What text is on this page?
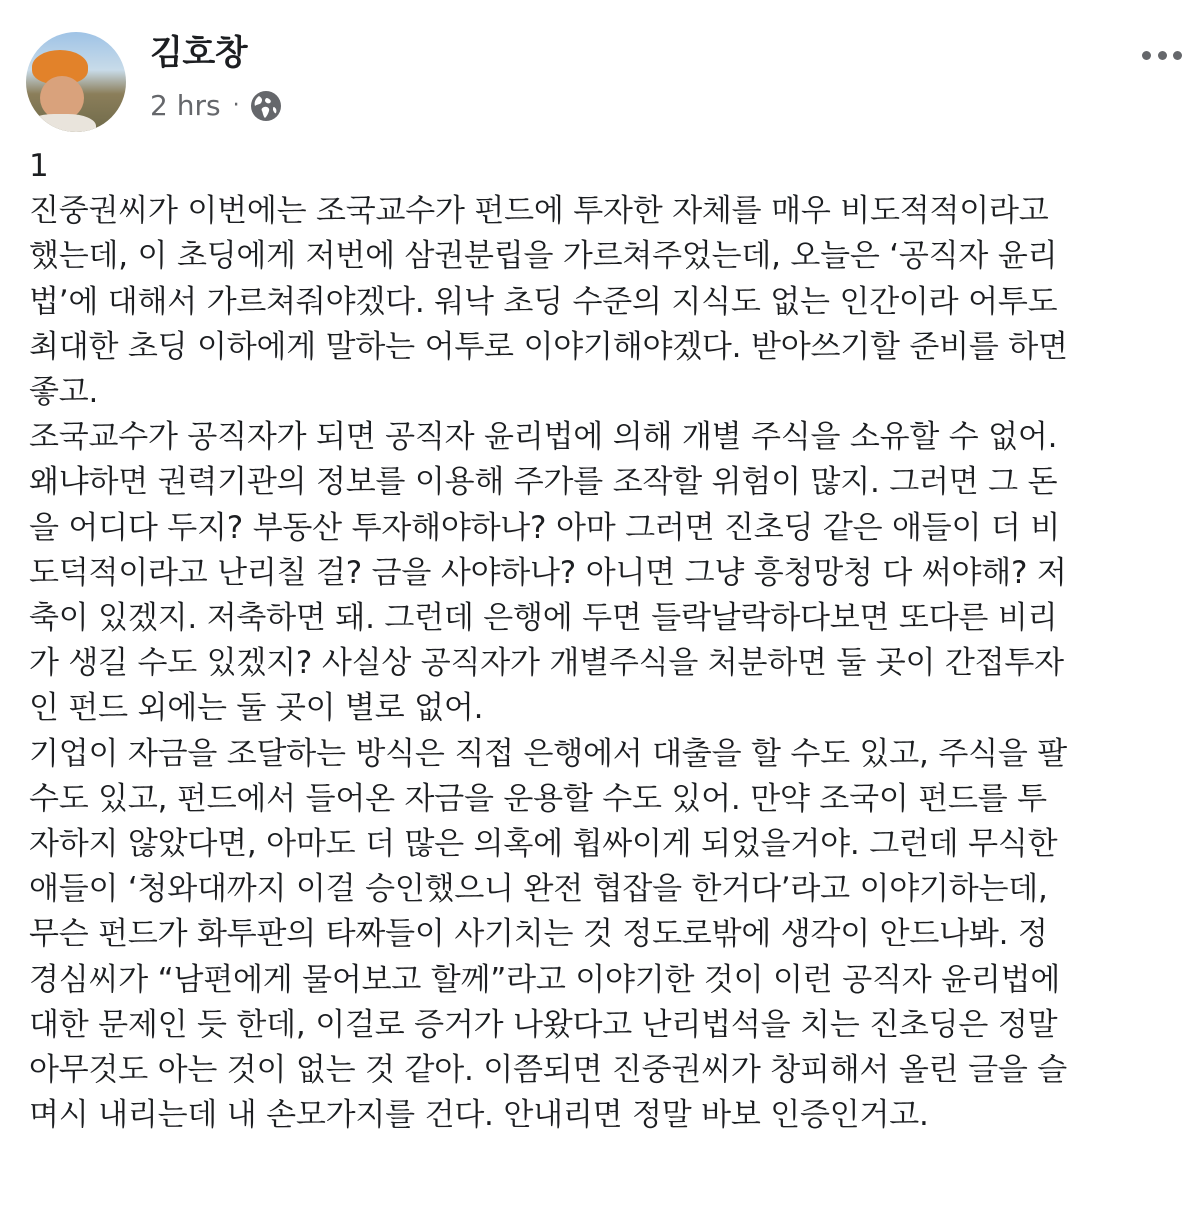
김호창
2 hrs ·

1

진중권씨가 이번에는 조국교수가 펀드에 투자한 자체를 매우 비도적적이라고
했는데, 이 초딩에게 저번에 삼권분립을 가르쳐주었는데, 오늘은 ‘공직자 윤리
법’에 대해서 가르쳐줘야겠다. 워낙 초딩 수준의 지식도 없는 인간이라 어투도
최대한 초딩 이하에게 말하는 어투로 이야기해야겠다. 받아쓰기할 준비를 하면
좋고.

조국교수가 공직자가 되면 공직자 윤리법에 의해 개별 주식을 소유할 수 없어.
왜냐하면 권력기관의 정보를 이용해 주가를 조작할 위험이 많지. 그러면 그 돈
을 어디다 두지? 부동산 투자해야하나? 아마 그러면 진초딩 같은 애들이 더 비
도덕적이라고 난리칠 걸? 금을 사야하나? 아니면 그냥 흥청망청 다 써야해? 저
축이 있겠지. 저축하면 돼. 그런데 은행에 두면 들락날락하다보면 또다른 비리
가 생길 수도 있겠지? 사실상 공직자가 개별주식을 처분하면 둘 곳이 간접투자
인 펀드 외에는 둘 곳이 별로 없어.

기업이 자금을 조달하는 방식은 직접 은행에서 대출을 할 수도 있고, 주식을 팔
수도 있고, 펀드에서 들어온 자금을 운용할 수도 있어. 만약 조국이 펀드를 투
자하지 않았다면, 아마도 더 많은 의혹에 휩싸이게 되었을거야. 그런데 무식한
애들이 ‘청와대까지 이걸 승인했으니 완전 협잡을 한거다’라고 이야기하는데,
무슨 펀드가 화투판의 타짜들이 사기치는 것 정도로밖에 생각이 안드나봐. 정
경심씨가 “남편에게 물어보고 할께”라고 이야기한 것이 이런 공직자 윤리법에
대한 문제인 듯 한데, 이걸로 증거가 나왔다고 난리법석을 치는 진초딩은 정말
아무것도 아는 것이 없는 것 같아. 이쯤되면 진중권씨가 창피해서 올린 글을 슬
며시 내리는데 내 손모가지를 건다. 안내리면 정말 바보 인증인거고.
